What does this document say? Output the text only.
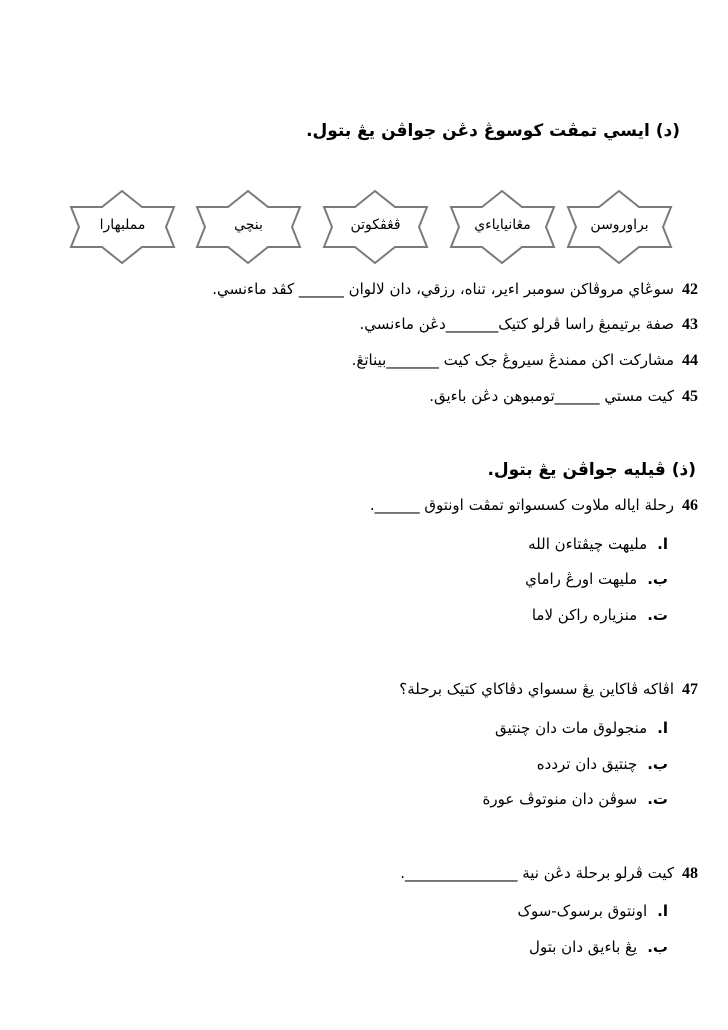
(د) ايسي تمڤت كوسوڠ دڠن جواڤن يڠ بتول.
براوروسن
مڠانياياءي
ڤڠڤكوتن
بنچي
مملبهارا
42
سوڠاي مروڤاكن سومبر اءير، تناه، رزقي، دان لالوان ______ كڤد ماءنسي.
43
صفة برتيمبڠ راسا ڤرلو كتيک_______دڠن ماءنسي.
44
مشاركت اكن ممندڠ سيروڠ جک كيت _______بيناتڠ.
45
كيت مستي ______تومبوهن دڠن باءيق.
(ذ) ڤيليه جواڤن يڠ بتول.
46
رحلة اياله ملاوت كسسواتو تمڤت اونتوق ______.
ا.
مليهت چيڤتاءن الله
ب.
مليهت اورڠ راماي
ت.
منزياره راكن لاما
47
اڤاكه ڤاكاين يڠ سسواي دڤاكاي كتيک برحلة؟
ا.
منجولوق مات دان چنتيق
ب.
چنتيق دان تردده
ت.
سوڤن دان منوتوڤ عورة
48
كيت ڤرلو برحلة دڠن نية _______________.
ا.
اونتوق برسوک-سوک
ب.
يڠ باءيق دان بتول
